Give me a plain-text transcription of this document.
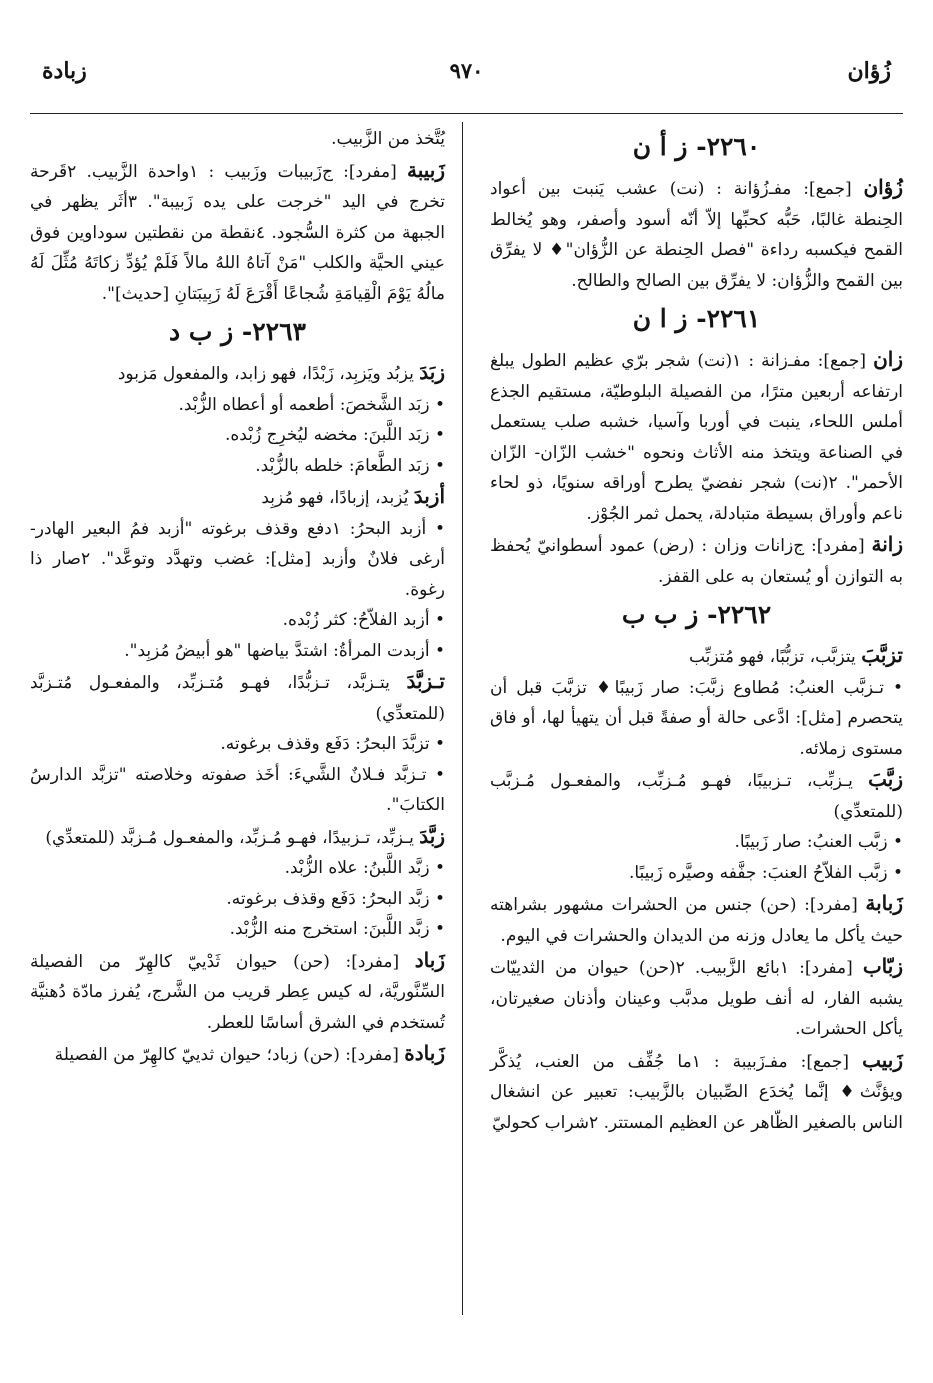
زُؤان
٩٧٠
زبادة
٢٢٦٠- ز أ ن

زُؤان [جمع]: مفـ‌زُؤانة : (نت) عشب يَنبت بين أعواد الحِنطة غالبًا، حَبُّه كحبِّها إلاّ أنّه أسود وأصفر، وهو يُخالط القمح فيكسبه رداءة "فصل الحِنطة عن الزُّؤان"♦ لا يفرِّق بين القمح والزُّؤان: لا يفرِّق بين الصالح والطالح.

٢٢٦١- ز ا ن

زان [جمع]: مفـ‌زانة : ١(نت) شجر برّي عظيم الطول يبلغ ارتفاعه أربعين مترًا، من الفصيلة البلوطيّة، مستقيم الجذع أملس اللحاء، ينبت في أوربا وآسيا، خشبه صلب يستعمل في الصناعة ويتخذ منه الأثاث ونحوه "خشب الزّان- الزّان الأحمر". ٢(نت) شجر نفضيّ يطرح أوراقه سنويًا، ذو لحاء ناعم وأوراق بسيطة متبادلة، يحمل ثمر الجُوْز.

زانة [مفرد]: ج‌زانات وزان : (رض) عمود أسطوانيّ يُحفظ به التوازن أو يُستعان به على القفز.

٢٢٦٢- ز ب ب

تزبَّبَ يتزبَّب، تزبُّبًا، فهو مُتزبِّب

• تـزبَّب العنبُ: مُطاوع زبَّبَ: صار زَبيبًا♦ تزبَّبَ قبل أن يتحصرم [مثل]: ادَّعى حالة أو صفةً قبل أن يتهيأ لها، أو فاق مستوى زملائه.

زبَّبَ يـزبِّب، تـزبيبًا، فهـو مُـزبِّب، والمفعـول مُـزبَّب (للمتعدِّي)

• زبَّب العنبُ: صار زَبيبًا.

• زبَّب الفلاّحُ العنبَ: جفَّفه وصيَّره زَبيبًا.

زَبابة [مفرد]: (حن) جنس من الحشرات مشهور بشراهته حيث يأكل ما يعادل وزنه من الديدان والحشرات في اليوم.

زبّاب [مفرد]: ١بائع الزَّبيب. ٢(حن) حيوان من الثدييّات يشبه الفار، له أنف طويل مدبَّب وعينان وأذنان صغيرتان، يأكل الحشرات.

زَبيب [جمع]: مفـ‌زَبيبة : ١ما جُفِّف من العنب، يُذكَّر ويؤنَّث♦ إنَّما يُخدَع الصِّبيان بالزَّبيب: تعبير عن انشغال الناس بالصغير الظّاهر عن العظيم المستتر. ٢شراب كحوليّ

يُتَّخذ من الزَّبيب.

زَبيبة [مفرد]: ج‌زَبيبات وزَبيب : ١واحدة الزَّبيب. ٢قَرحة تخرج في اليد "خرجت على يده زَبيبة". ٣أثَر يظهر في الجبهة من كثرة السُّجود. ٤نقطة من نقطتين سوداوين فوق عيني الحيَّة والكلب "مَنْ آتاهُ اللهُ مالاً فَلَمْ يُؤدِّ زكاتَهُ مُثِّلَ لَهُ مالُهُ يَوْمَ الْقِيامَةِ شُجاعًا أَقْرَعَ لَهُ زَبِيبَتانِ [حديث]".

٢٢٦٣- ز ب د

زبَدَ يزبُد ويَزبِد، زَبْدًا، فهو زابد، والمفعول مَزبود

• زبَد الشَّخصَ: أطعمه أو أعطاه الزُّبْد.

• زبَد اللَّبنَ: مخضه ليُخرِج زُبْده.

• زبَد الطَّعامَ: خلطه بالزُّبْد.

أزبدَ يُزبد، إزبادًا، فهو مُزبِد

• أزبد البحرُ: ١دفع وقذف برغوته "أزبد فمُ البعير الهادر- أرغى فلانٌ وأزبد [مثل]: غضب وتهدَّد وتوعَّد". ٢صار ذا رغوة.

• أزبد الفلاّحُ: كثر زُبْده.

• أزبدت المرأةُ: اشتدَّ بياضها "هو أبيضُ مُزبِد".

تـزبَّدَ يتـزبَّد، تـزبُّدًا، فهـو مُتـزبِّد، والمفعـول مُتـزبَّد (للمتعدِّي)

• تزبَّدَ البحرُ: دَفَع وقذف برغوته.

• تـزبَّد فـلانٌ الشَّيءَ: أخَذ صفوته وخلاصته "تزبَّد الدارسُ الكتابَ".

زبَّدَ يـزبِّد، تـزبيدًا، فهـو مُـزبِّد، والمفعـول مُـزبَّد (للمتعدِّي)

• زبَّد اللَّبنُ: علاه الزُّبْد.

• زبَّد البحرُ: دَفَع وقذف برغوته.

• زبَّد اللَّبنَ: استخرج منه الزُّبْد.

زَباد [مفرد]: (حن) حيوان ثَدْييّ كالهِرّ من الفصيلة السِّنَّوريَّة، له كيس عِطر قريب من الشَّرج، يُفرز مادّة دُهنيَّة تُستخدم في الشرق أساسًا للعطر.

زَبادة [مفرد]: (حن) زباد؛ حيوان ثدييّ كالهِرّ من الفصيلة
